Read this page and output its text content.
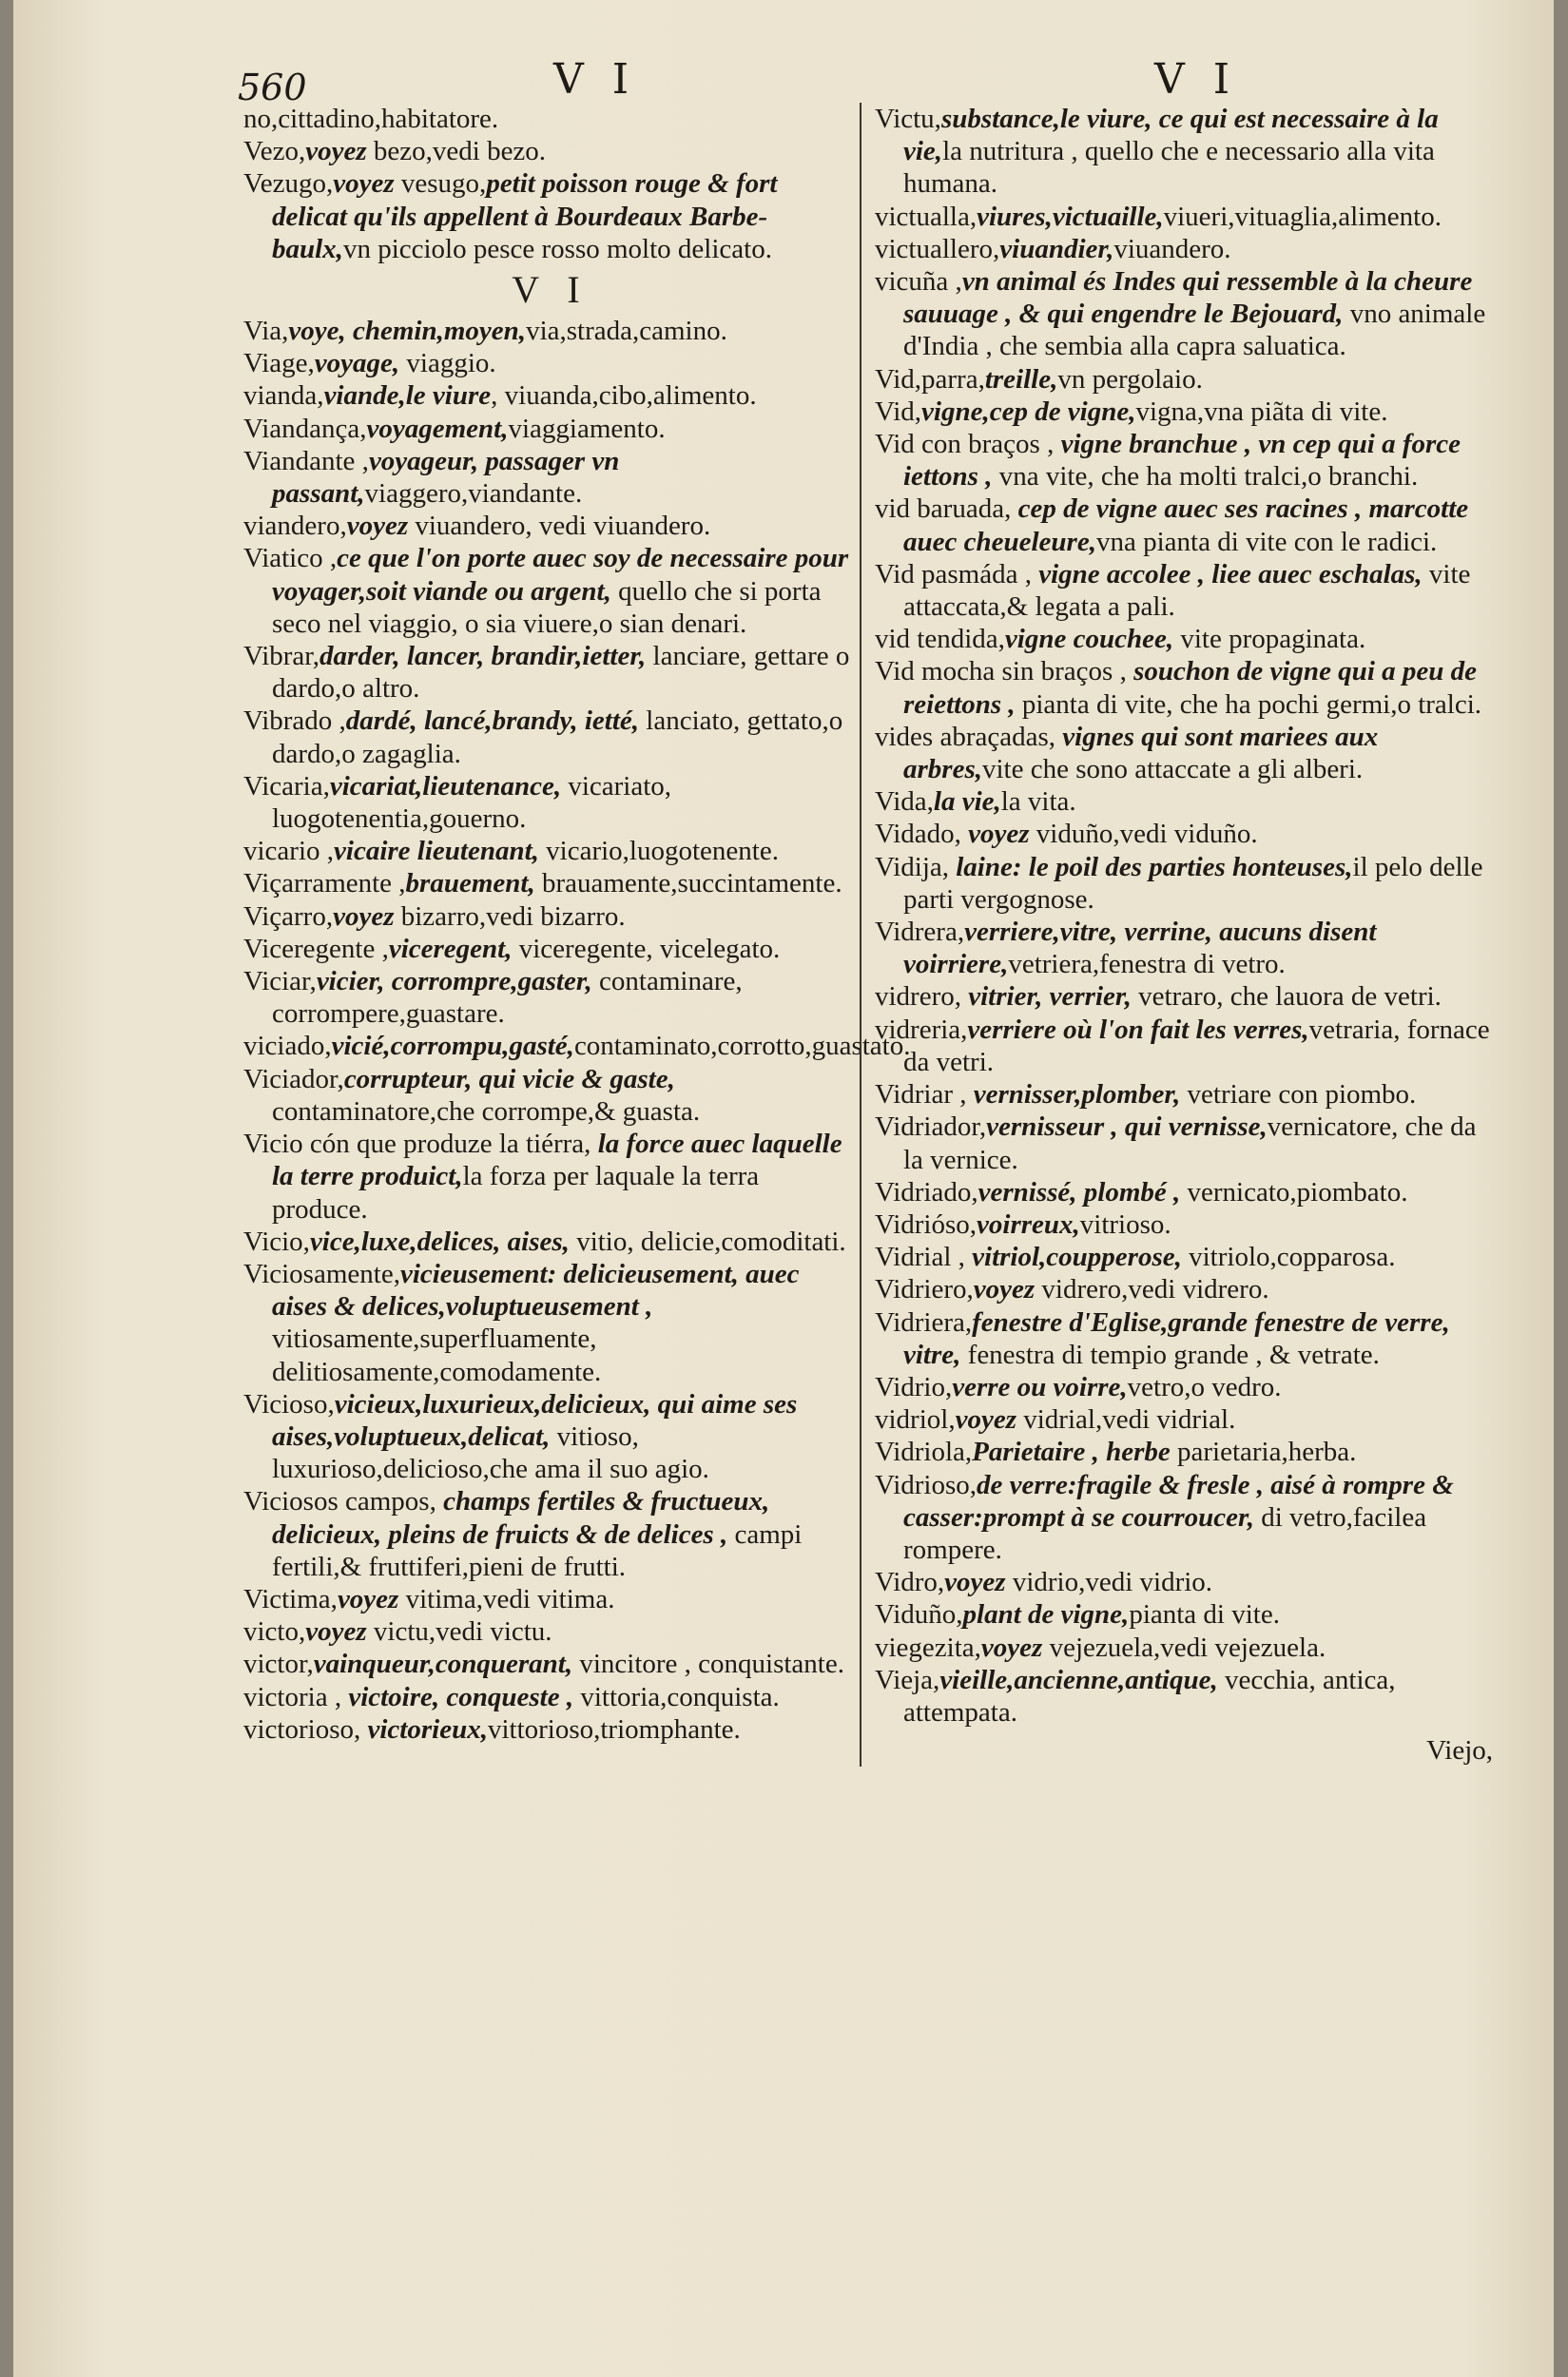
560	V I	V I

no,cittadino,habitatore.

Vezo,voyez bezo,vedi bezo.

Vezugo,voyez vesugo,petit poisson rouge & fort delicat qu'ils appellent à Bourdeaux Barbe-baulx,vn picciolo pesce rosso molto delicato.

V I

Via,voye, chemin,moyen,via,strada,camino.

Viage,voyage, viaggio.

vianda,viande,le viure, viuanda,cibo,alimento.

Viandança,voyagement,viaggiamento.

Viandante ,voyageur, passager vn passant,viaggero,viandante.

viandero,voyez viuandero, vedi viuandero.

Viatico ,ce que l'on porte auec soy de necessaire pour voyager,soit viande ou argent, quello che si porta seco nel viaggio, o sia viuere,o sian denari.

Vibrar,darder, lancer, brandir,ietter, lanciare, gettare o dardo,o altro.

Vibrado ,dardé, lancé,brandy, ietté, lanciato, gettato,o dardo,o zagaglia.

Vicaria,vicariat,lieutenance, vicariato, luogotenentia,gouerno.

vicario ,vicaire lieutenant, vicario,luogotenente.

Viçarramente ,brauement, brauamente,succintamente.

Viçarro,voyez bizarro,vedi bizarro.

Viceregente ,viceregent, viceregente, vicelegato.

Viciar,vicier, corrompre,gaster, contaminare, corrompere,guastare.

viciado,vicié,corrompu,gasté,contaminato,corrotto,guastato.

Viciador,corrupteur, qui vicie & gaste, contaminatore,che corrompe,& guasta.

Vicio cón que produze la tiérra, la force auec laquelle la terre produict,la forza per laquale la terra produce.

Vicio,vice,luxe,delices, aises, vitio, delicie,comoditati.

Viciosamente,vicieusement: delicieusement, auec aises & delices,voluptueusement , vitiosamente,superfluamente, delitiosamente,comodamente.

Vicioso,vicieux,luxurieux,delicieux, qui aime ses aises,voluptueux,delicat, vitioso, luxurioso,delicioso,che ama il suo agio.

Viciosos campos, champs fertiles & fructueux, delicieux, pleins de fruicts & de delices , campi fertili,& fruttiferi,pieni de frutti.

Victima,voyez vitima,vedi vitima.

victo,voyez victu,vedi victu.

victor,vainqueur,conquerant, vincitore , conquistante.

victoria , victoire, conqueste , vittoria,conquista.

victorioso, victorieux,vittorioso,triomphante.

Victu,substance,le viure, ce qui est necessaire à la vie,la nutritura , quello che e necessario alla vita humana.

victualla,viures,victuaille,viueri,vituaglia,alimento.

victuallero,viuandier,viuandero.

vicuña ,vn animal és Indes qui ressemble à la cheure sauuage , & qui engendre le Bejouard, vno animale d'India , che sembia alla capra saluatica.

Vid,parra,treille,vn pergolaio.

Vid,vigne,cep de vigne,vigna,vna piãta di vite.

Vid con braços , vigne branchue , vn cep qui a force iettons , vna vite, che ha molti tralci,o branchi.

vid baruada, cep de vigne auec ses racines , marcotte auec cheueleure,vna pianta di vite con le radici.

Vid pasmáda , vigne accolee , liee auec eschalas, vite attaccata,& legata a pali.

vid tendida,vigne couchee, vite propaginata.

Vid mocha sin braços , souchon de vigne qui a peu de reiettons , pianta di vite, che ha pochi germi,o tralci.

vides abraçadas, vignes qui sont mariees aux arbres,vite che sono attaccate a gli alberi.

Vida,la vie,la vita.

Vidado, voyez viduño,vedi viduño.

Vidija, laine: le poil des parties honteuses,il pelo delle parti vergognose.

Vidrera,verriere,vitre, verrine, aucuns disent voirriere,vetriera,fenestra di vetro.

vidrero, vitrier, verrier, vetraro, che lauora de vetri.

vidreria,verriere où l'on fait les verres,vetraria, fornace da vetri.

Vidriar , vernisser,plomber, vetriare con piombo.

Vidriador,vernisseur , qui vernisse,vernicatore, che da la vernice.

Vidriado,vernissé, plombé , vernicato,piombato.

Vidrióso,voirreux,vitrioso.

Vidrial , vitriol,coupperose, vitriolo,copparosa.

Vidriero,voyez vidrero,vedi vidrero.

Vidriera,fenestre d'Eglise,grande fenestre de verre, vitre, fenestra di tempio grande , & vetrate.

Vidrio,verre ou voirre,vetro,o vedro.

vidriol,voyez vidrial,vedi vidrial.

Vidriola,Parietaire , herbe parietaria,herba.

Vidrioso,de verre:fragile & fresle , aisé à rompre & casser:prompt à se courroucer, di vetro,facilea rompere.

Vidro,voyez vidrio,vedi vidrio.

Viduño,plant de vigne,pianta di vite.

viegezita,voyez vejezuela,vedi vejezuela.

Vieja,vieille,ancienne,antique, vecchia, antica, attempata.

Viejo,
